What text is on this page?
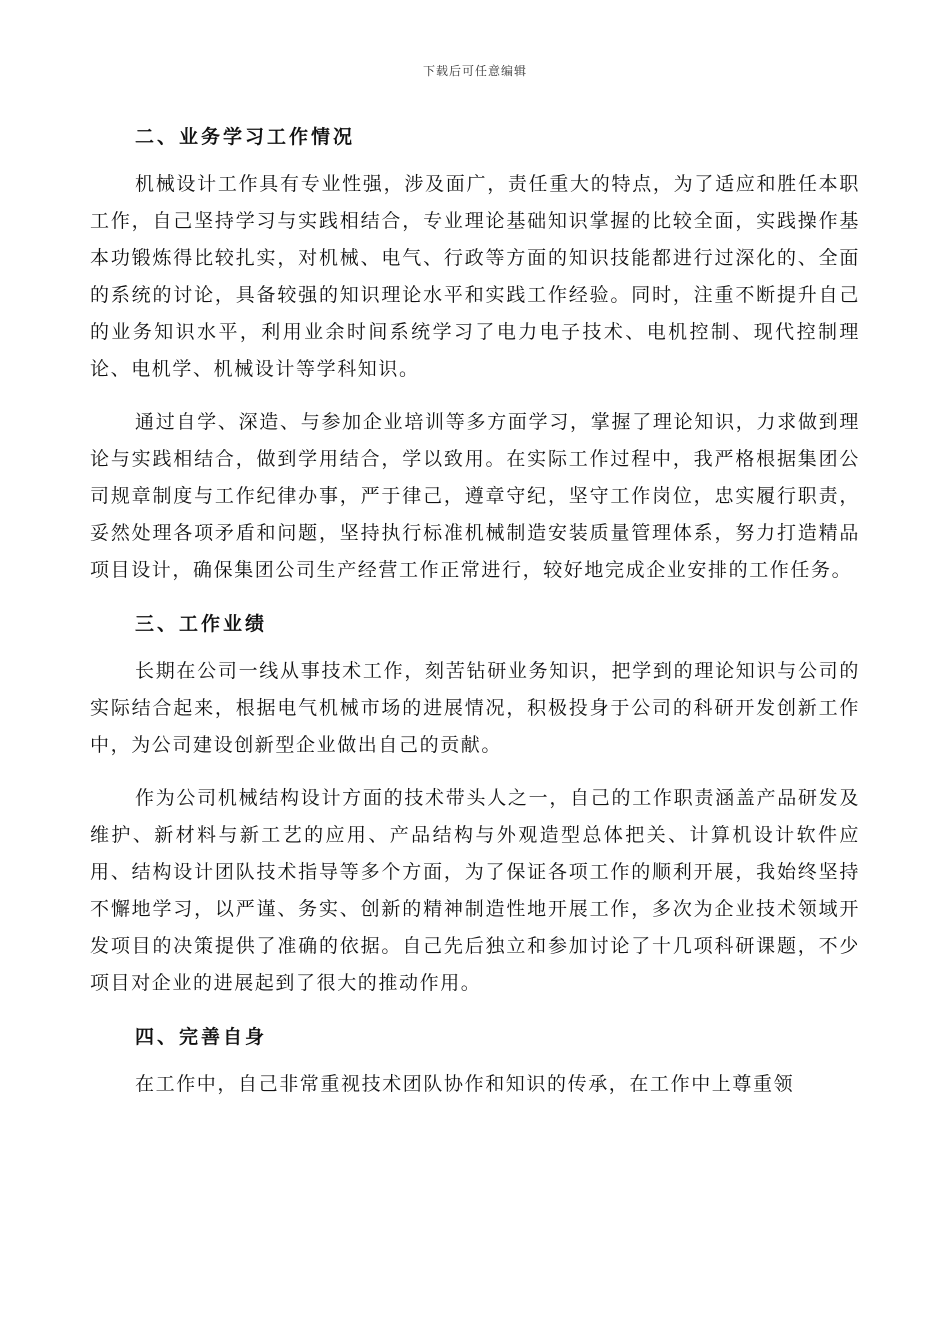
下载后可任意编辑
二、业务学习工作情况

机械设计工作具有专业性强，涉及面广，责任重大的特点，为了适应和胜任本职工作，自己坚持学习与实践相结合，专业理论基础知识掌握的比较全面，实践操作基本功锻炼得比较扎实，对机械、电气、行政等方面的知识技能都进行过深化的、全面的系统的讨论，具备较强的知识理论水平和实践工作经验。同时，注重不断提升自己的业务知识水平，利用业余时间系统学习了电力电子技术、电机控制、现代控制理论、电机学、机械设计等学科知识。

通过自学、深造、与参加企业培训等多方面学习，掌握了理论知识，力求做到理论与实践相结合，做到学用结合，学以致用。在实际工作过程中，我严格根据集团公司规章制度与工作纪律办事，严于律己，遵章守纪，坚守工作岗位，忠实履行职责，妥然处理各项矛盾和问题，坚持执行标准机械制造安装质量管理体系，努力打造精品项目设计，确保集团公司生产经营工作正常进行，较好地完成企业安排的工作任务。

三、工作业绩

长期在公司一线从事技术工作，刻苦钻研业务知识，把学到的理论知识与公司的实际结合起来，根据电气机械市场的进展情况，积极投身于公司的科研开发创新工作中，为公司建设创新型企业做出自己的贡献。

作为公司机械结构设计方面的技术带头人之一，自己的工作职责涵盖产品研发及维护、新材料与新工艺的应用、产品结构与外观造型总体把关、计算机设计软件应用、结构设计团队技术指导等多个方面，为了保证各项工作的顺利开展，我始终坚持不懈地学习，以严谨、务实、创新的精神制造性地开展工作，多次为企业技术领域开发项目的决策提供了准确的依据。自己先后独立和参加讨论了十几项科研课题，不少项目对企业的进展起到了很大的推动作用。

四、完善自身

在工作中，自己非常重视技术团队协作和知识的传承，在工作中上尊重领
